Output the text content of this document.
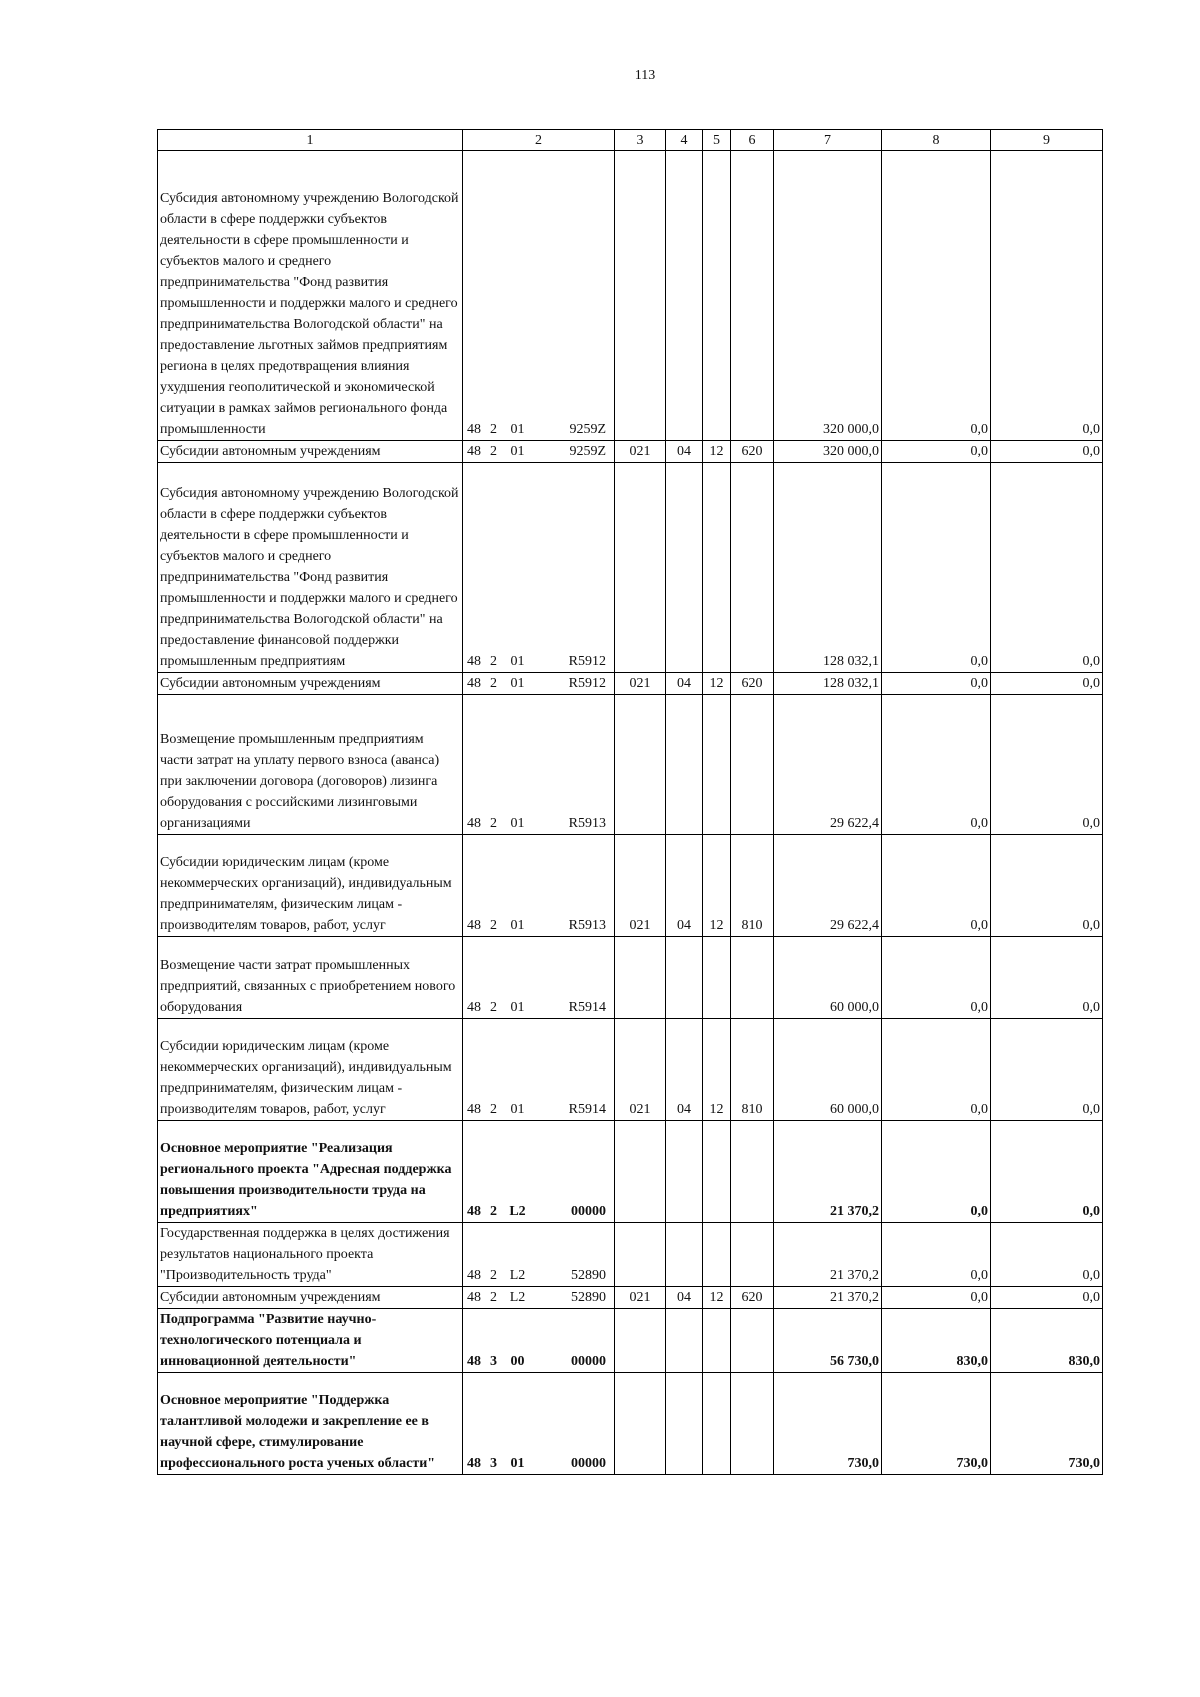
113
1	2				3	4	5	6	7	8	9
Субсидия автономному учреждению Вологодской области в сфере поддержки субъектов деятельности в сфере промышленности и субъектов малого и среднего предпринимательства "Фонд развития промышленности и поддержки малого и среднего предпринимательства Вологодской области" на предоставление льготных займов предприятиям региона в целях предотвращения влияния ухудшения геополитической и экономической ситуации в рамках займов регионального фонда промышленности	48	2	01	9259Z					320 000,0	0,0	0,0
Субсидии автономным учреждениям	48	2	01	9259Z	021	04	12	620	320 000,0	0,0	0,0
Субсидия автономному учреждению Вологодской области в сфере поддержки субъектов деятельности в сфере промышленности и субъектов малого и среднего предпринимательства "Фонд развития промышленности и поддержки малого и среднего предпринимательства Вологодской области" на предоставление финансовой поддержки промышленным предприятиям	48	2	01	R5912					128 032,1	0,0	0,0
Субсидии автономным учреждениям	48	2	01	R5912	021	04	12	620	128 032,1	0,0	0,0
Возмещение промышленным предприятиям части затрат на уплату первого взноса (аванса) при заключении договора (договоров) лизинга оборудования с российскими лизинговыми организациями	48	2	01	R5913					29 622,4	0,0	0,0
Субсидии юридическим лицам (кроме некоммерческих организаций), индивидуальным предпринимателям, физическим лицам - производителям товаров, работ, услуг	48	2	01	R5913	021	04	12	810	29 622,4	0,0	0,0
Возмещение части затрат промышленных предприятий, связанных с приобретением нового оборудования	48	2	01	R5914					60 000,0	0,0	0,0
Субсидии юридическим лицам (кроме некоммерческих организаций), индивидуальным предпринимателям, физическим лицам - производителям товаров, работ, услуг	48	2	01	R5914	021	04	12	810	60 000,0	0,0	0,0
Основное мероприятие "Реализация регионального проекта "Адресная поддержка повышения производительности труда на предприятиях"	48	2	L2	00000					21 370,2	0,0	0,0
Государственная поддержка в целях достижения результатов национального проекта "Производительность труда"	48	2	L2	52890					21 370,2	0,0	0,0
Субсидии автономным учреждениям	48	2	L2	52890	021	04	12	620	21 370,2	0,0	0,0
Подпрограмма "Развитие научно-технологического потенциала и инновационной деятельности"	48	3	00	00000					56 730,0	830,0	830,0
Основное мероприятие "Поддержка талантливой молодежи и закрепление ее в научной сфере, стимулирование профессионального роста ученых области"	48	3	01	00000					730,0	730,0	730,0
